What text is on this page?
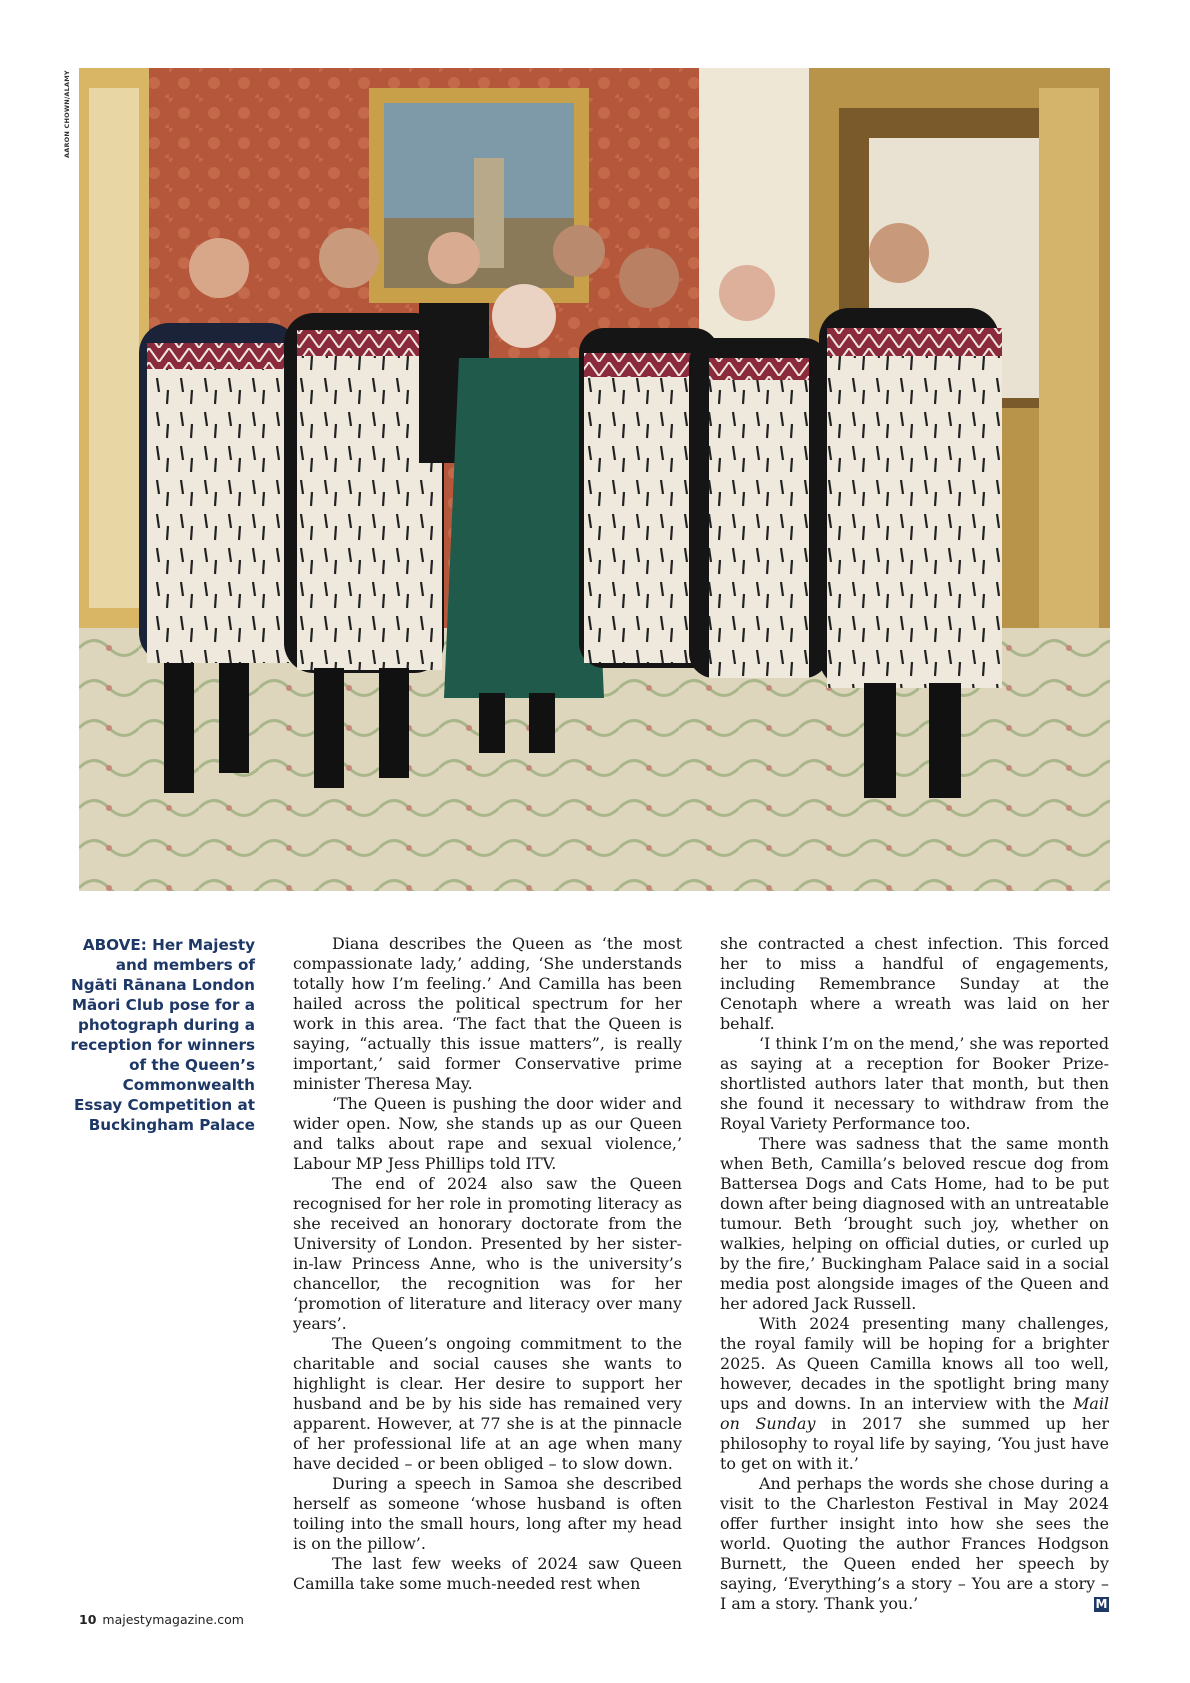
AARON CHOWN/ALAMY
ABOVE: Her Majesty and members of Ngāti Rānana London Māori Club pose for a photograph during a reception for winners of the Queen’s Commonwealth Essay Competition at Buckingham Palace

Diana describes the Queen as ‘the most compassionate lady,’ adding, ‘She understands totally how I’m feeling.’ And Camilla has been hailed across the political spectrum for her work in this area. ‘The fact that the Queen is saying, “actually this issue matters”, is really important,’ said former Conservative prime minister Theresa May.

‘The Queen is pushing the door wider and wider open. Now, she stands up as our Queen and talks about rape and sexual violence,’ Labour MP Jess Phillips told ITV.

The end of 2024 also saw the Queen recognised for her role in promoting literacy as she received an honorary doctorate from the University of London. Presented by her sister-in-law Princess Anne, who is the university’s chancellor, the recognition was for her ‘promotion of literature and literacy over many years’.

The Queen’s ongoing commitment to the charitable and social causes she wants to highlight is clear. Her desire to support her husband and be by his side has remained very apparent. However, at 77 she is at the pinnacle of her professional life at an age when many have decided – or been obliged – to slow down.

During a speech in Samoa she described herself as someone ‘whose husband is often toiling into the small hours, long after my head is on the pillow’.

The last few weeks of 2024 saw Queen Camilla take some much-needed rest when

she contracted a chest infection. This forced her to miss a handful of engagements, including Remembrance Sunday at the Cenotaph where a wreath was laid on her behalf.

‘I think I’m on the mend,’ she was reported as saying at a reception for Booker Prize-shortlisted authors later that month, but then she found it necessary to withdraw from the Royal Variety Performance too.

There was sadness that the same month when Beth, Camilla’s beloved rescue dog from Battersea Dogs and Cats Home, had to be put down after being diagnosed with an untreatable tumour. Beth ‘brought such joy, whether on walkies, helping on official duties, or curled up by the fire,’ Buckingham Palace said in a social media post alongside images of the Queen and her adored Jack Russell.

With 2024 presenting many challenges, the royal family will be hoping for a brighter 2025. As Queen Camilla knows all too well, however, decades in the spotlight bring many ups and downs. In an interview with the Mail on Sunday in 2017 she summed up her philosophy to royal life by saying, ‘You just have to get on with it.’

And perhaps the words she chose during a visit to the Charleston Festival in May 2024 offer further insight into how she sees the world. Quoting the author Frances Hodgson Burnett, the Queen ended her speech by saying, ‘Everything’s a story – You are a story – I am a story. Thank you.’	M

10 majestymagazine.com
